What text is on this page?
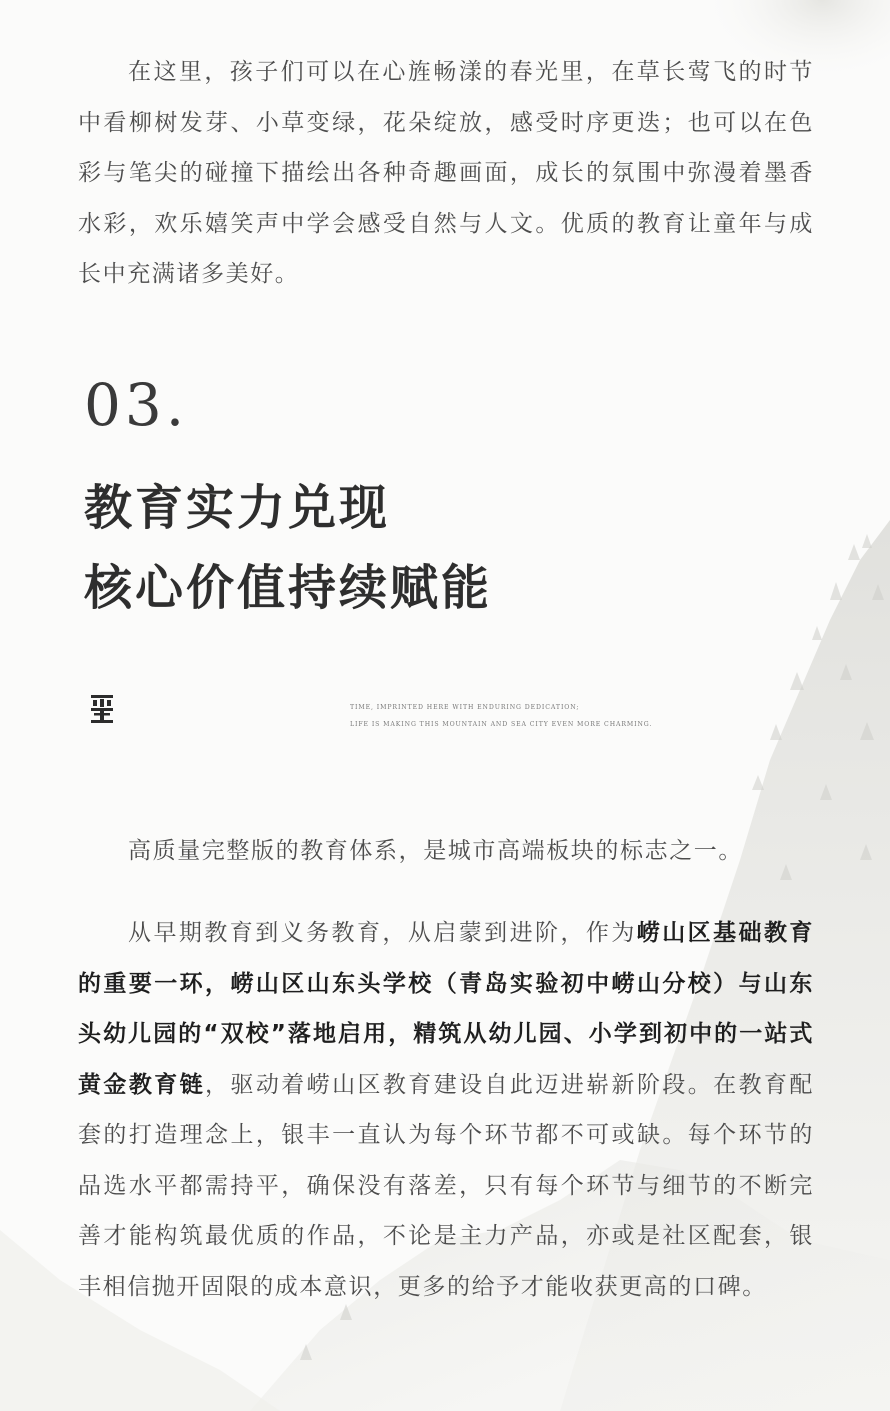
在这里，孩子们可以在心旌畅漾的春光里，在草长莺飞的时节中看柳树发芽、小草变绿，花朵绽放，感受时序更迭；也可以在色彩与笔尖的碰撞下描绘出各种奇趣画面，成长的氛围中弥漫着墨香水彩，欢乐嬉笑声中学会感受自然与人文。优质的教育让童年与成长中充满诸多美好。

03.
教育实力兑现
核心价值持续赋能
TIME, IMPRINTED HERE WITH ENDURING DEDICATION;
LIFE IS MAKING THIS MOUNTAIN AND SEA CITY EVEN MORE CHARMING.

高质量完整版的教育体系，是城市高端板块的标志之一。

从早期教育到义务教育，从启蒙到进阶，作为崂山区基础教育的重要一环，崂山区山东头学校（青岛实验初中崂山分校）与山东头幼儿园的“双校”落地启用，精筑从幼儿园、小学到初中的一站式黄金教育链，驱动着崂山区教育建设自此迈进崭新阶段。在教育配套的打造理念上，银丰一直认为每个环节都不可或缺。每个环节的品选水平都需持平，确保没有落差，只有每个环节与细节的不断完善才能构筑最优质的作品，不论是主力产品，亦或是社区配套，银丰相信抛开固限的成本意识，更多的给予才能收获更高的口碑。
